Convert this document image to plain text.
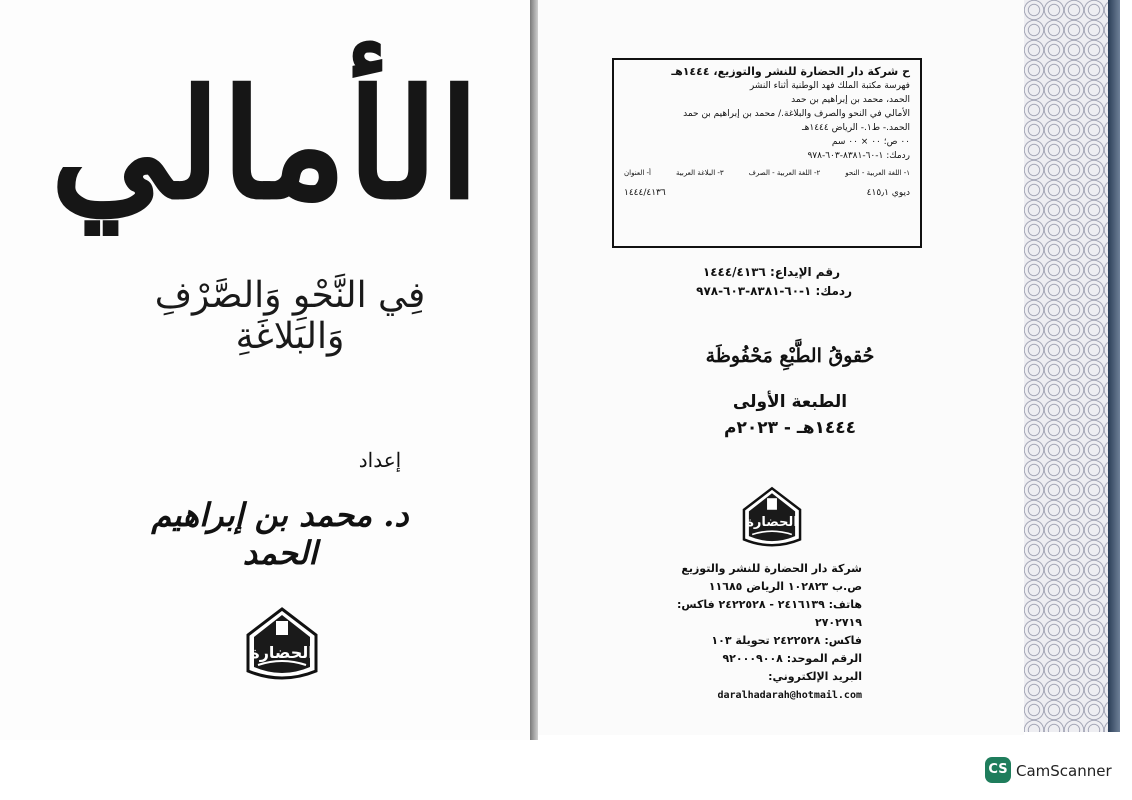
الأمالي
فِي النَّحْوِ وَالصَّرْفِ وَالبَلاغَةِ
إعداد
د. محمد بن إبراهيم الحمد
الحضارة
ح شركة دار الحضارة للنشر والتوزيع، ١٤٤٤هـ
فهرسة مكتبة الملك فهد الوطنية أثناء النشر
الحمد، محمد بن إبراهيم بن حمد
الأمالي في النحو والصرف والبلاغة./ محمد بن إبراهيم بن حمد
الحمد.- ط١.- الرياض ١٤٤٤هـ
٠٠ ص؛ ٠٠ × ٠٠ سم
ردمك: ١-٦٠-٨٣٨١-٦٠٣-٩٧٨
١- اللغة العربية - النحو
٢- اللغة العربية - الصرف
٣- البلاغة العربية
أ- العنوان
ديوي ٤١٥٫١
١٤٤٤/٤١٣٦
رقم الإيداع: ١٤٤٤/٤١٣٦
ردمك: ١-٦٠-٨٣٨١-٦٠٣-٩٧٨
حُقوقُ الطَّبْعِ مَحْفُوظَة
الطبعة الأولى
١٤٤٤هـ - ٢٠٢٣م
الحضارة
شركة دار الحضارة للنشر والتوزيع
ص.ب ١٠٢٨٢٣ الرياض ١١٦٨٥
هاتف: ٢٤١٦١٣٩ - ٢٤٢٢٥٢٨ فاكس: ٢٧٠٢٧١٩
فاكس: ٢٤٢٢٥٢٨ تحويلة ١٠٣
الرقم الموحد: ٩٢٠٠٠٩٠٠٨
البريد الإلكتروني: daralhadarah@hotmail.com
CS CamScanner
